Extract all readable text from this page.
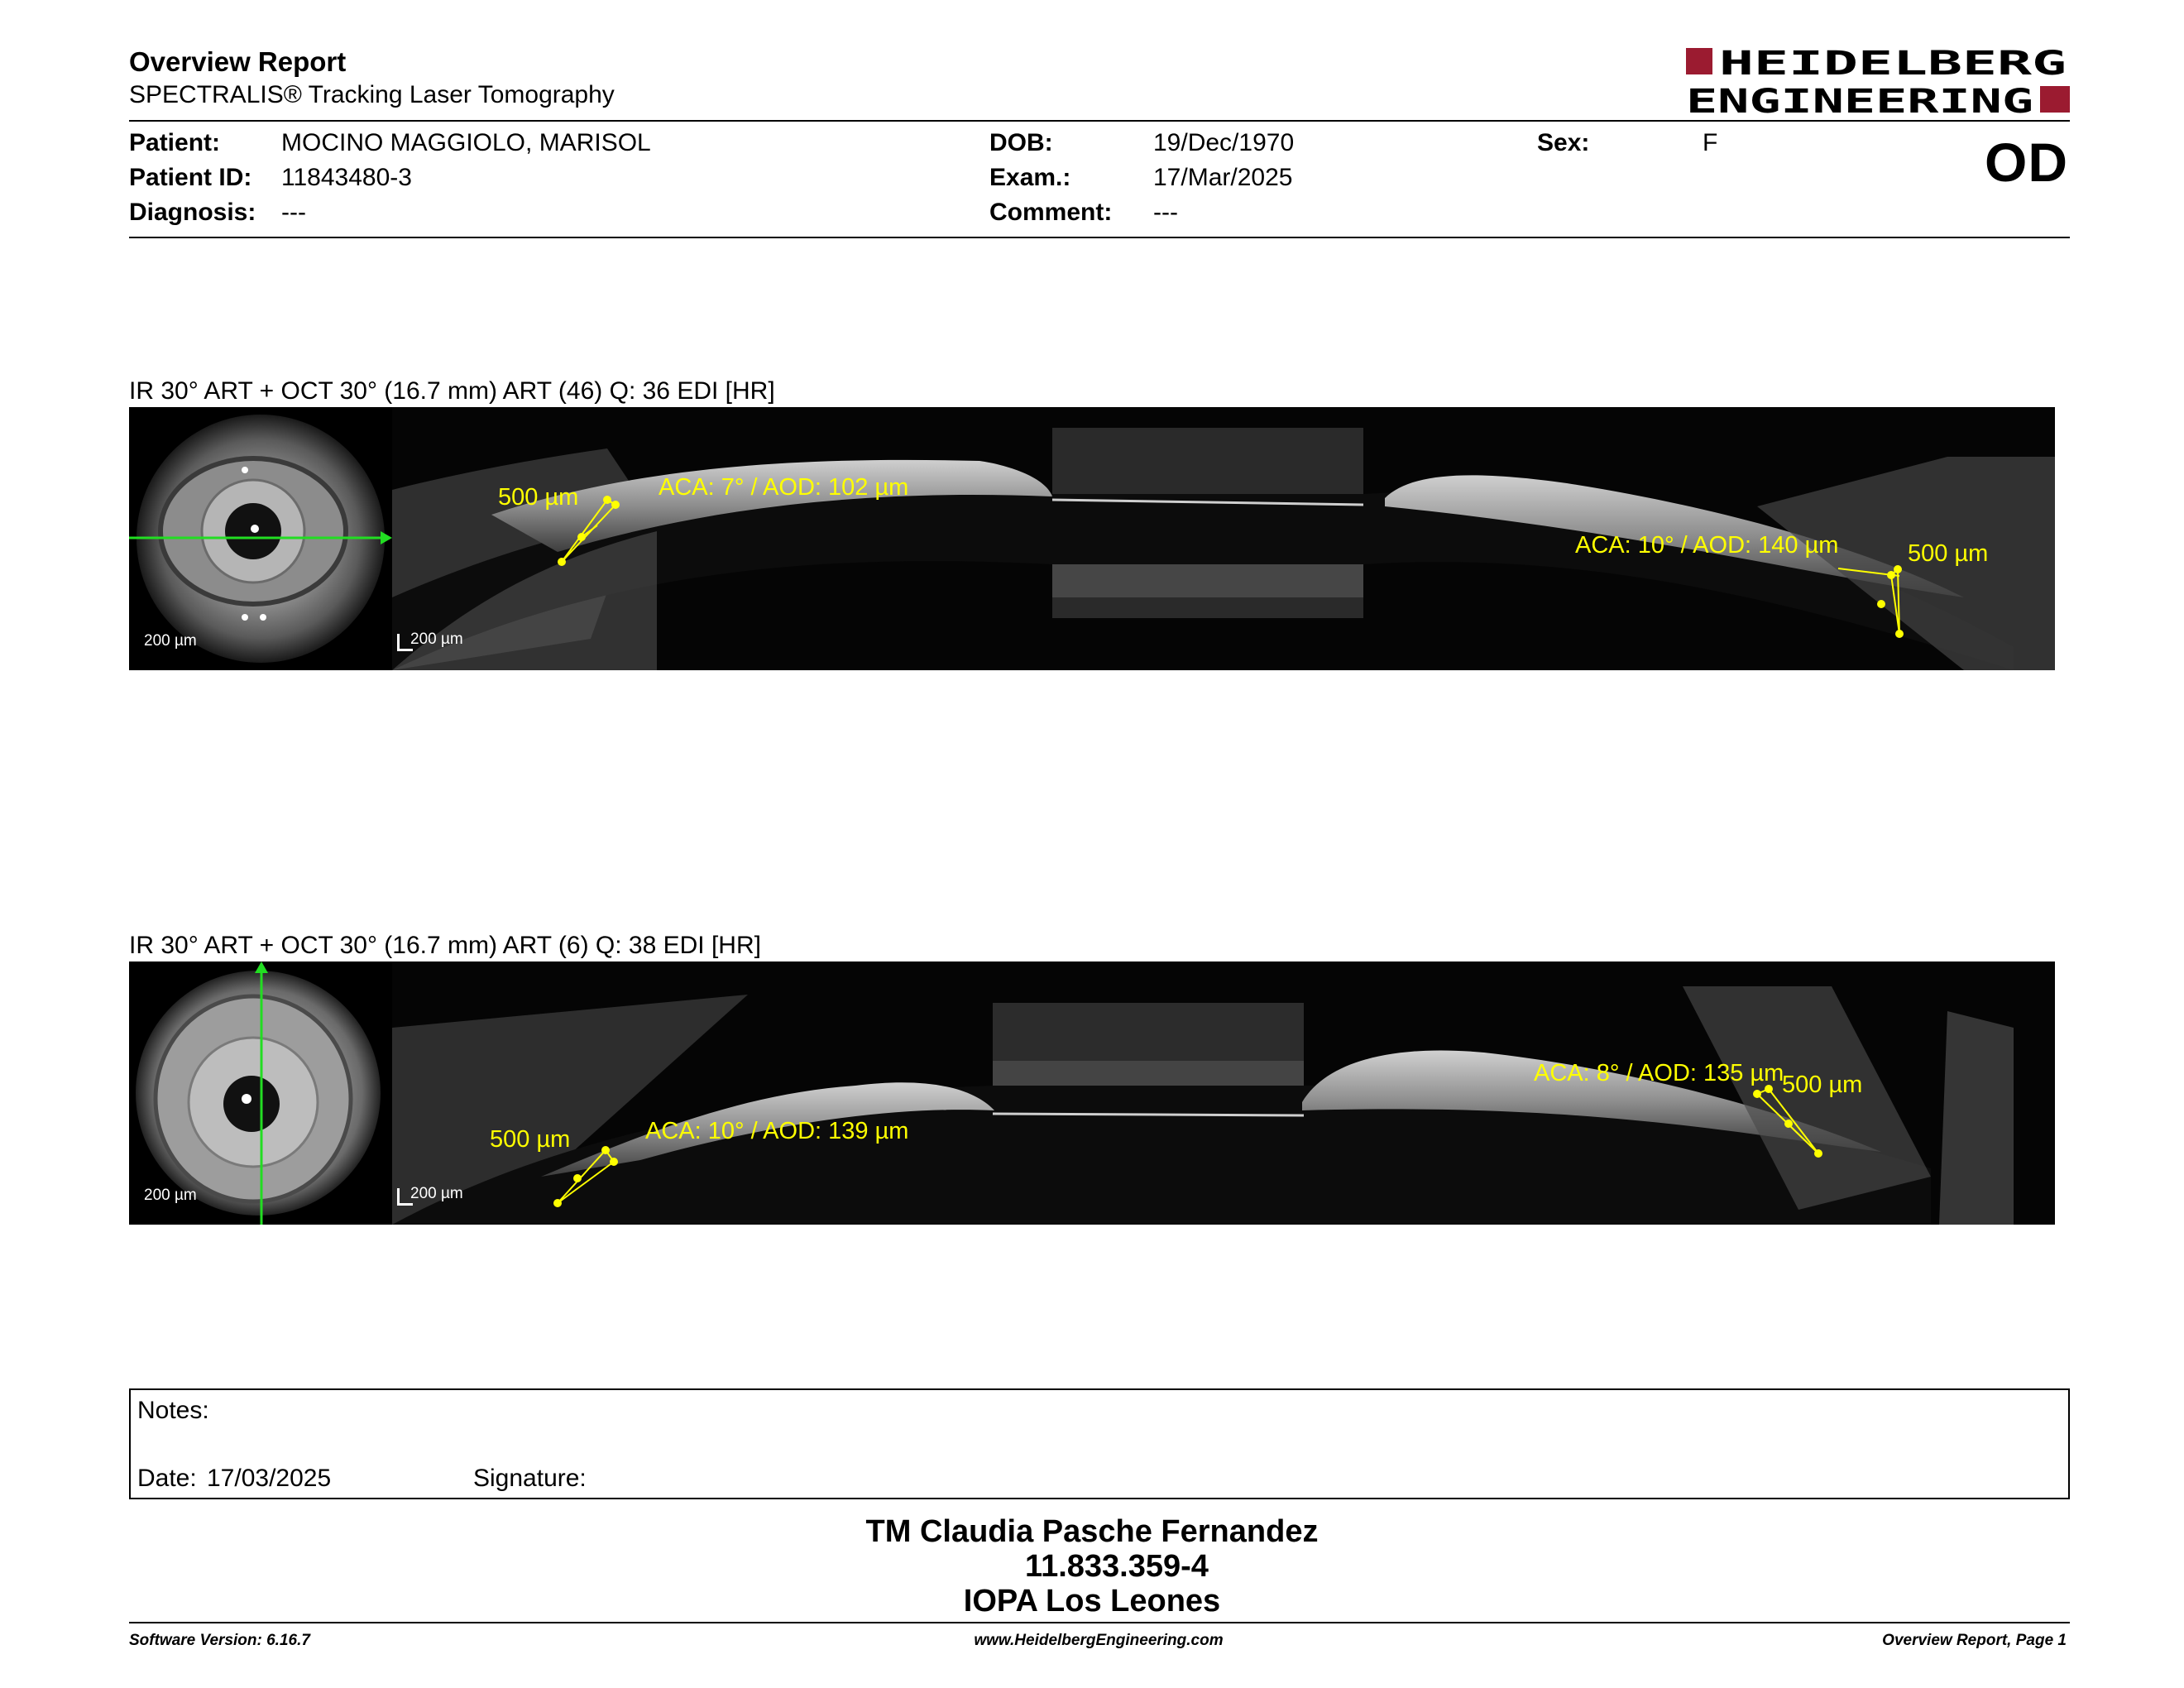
Overview Report
SPECTRALIS® Tracking Laser Tomography
HEIDELBERG
ENGINEERING
Patient: MOCINO MAGGIOLO, MARISOL
Patient ID: 11843480-3
Diagnosis: ---
DOB:	19/Dec/1970
Exam.:	17/Mar/2025
Comment: ---
Sex:	F	OD
IR 30° ART + OCT 30° (16.7 mm) ART (46) Q: 36 EDI [HR]
200 µm
ACA: 7° / AOD: 102 µm
500 µm
ACA: 10° / AOD: 140 µm	500 µm
200 µm
IR 30° ART + OCT 30° (16.7 mm) ART (6) Q: 38 EDI [HR]
200 µm
ACA: 10° / AOD: 139 µm
500 µm
ACA: 8° / AOD: 135 µm
500 µm
200 µm
Notes:
Date: 17/03/2025	Signature:
TM Claudia Pasche Fernandez
11.833.359-4
IOPA Los Leones
Software Version: 6.16.7	www.HeidelbergEngineering.com	Overview Report, Page 1
